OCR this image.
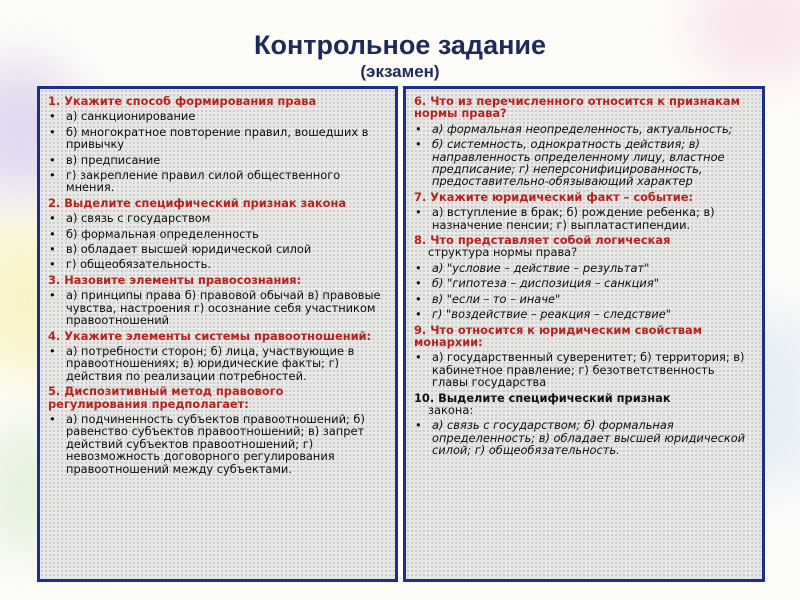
Контрольное задание
(экзамен)
1. Укажите способ формирования права
• а) санкционирование
• б) многократное повторение правил, вошедших в привычку
• в) предписание
• г) закрепление правил силой общественного мнения.
2. Выделите специфический признак закона
• а) связь с государством
• б) формальная определенность
• в) обладает высшей юридической силой
• г) общеобязательность.
3. Назовите элементы правосознания:
• а) принципы права б) правовой обычай в) правовые чувства, настроения г) осознание себя участником правоотношений
4. Укажите элементы системы правоотношений:
• а) потребности сторон; б) лица, участвующие в правоотношениях; в) юридические факты; г) действия по реализации потребностей.
5. Диспозитивный метод правового регулирования предполагает:
• а) подчиненность субъектов правоотношений; б) равенство субъектов правоотношений; в) запрет действий субъектов правоотношений; г) невозможность договорного регулирования правоотношений между субъектами.
6. Что из перечисленного относится к признакам нормы права?
• а) формальная неопределенность, актуальность;
• б) системность, однократность действия; в) направленность определенному лицу, властное предписание; г) неперсонифицированность, предоставительно-обязывающий характер
7. Укажите юридический факт – событие:
• а) вступление в брак; б) рождение ребенка; в) назначение пенсии; г) выплатастипендии.
8. Что представляет собой логическая
структура нормы права?
• а) "условие – действие – результат"
• б) "гипотеза – диспозиция – санкция"
• в) "если – то – иначе"
• г) "воздействие – реакция – следствие"
9. Что относится к юридическим свойствам монархии:
• а) государственный суверенитет; б) территория; в) кабинетное правление; г) безответственность главы государства
10. Выделите специфический признак
закона:
• а) связь с государством; б) формальная определенность; в) обладает высшей юридической силой; г) общеобязательность.
